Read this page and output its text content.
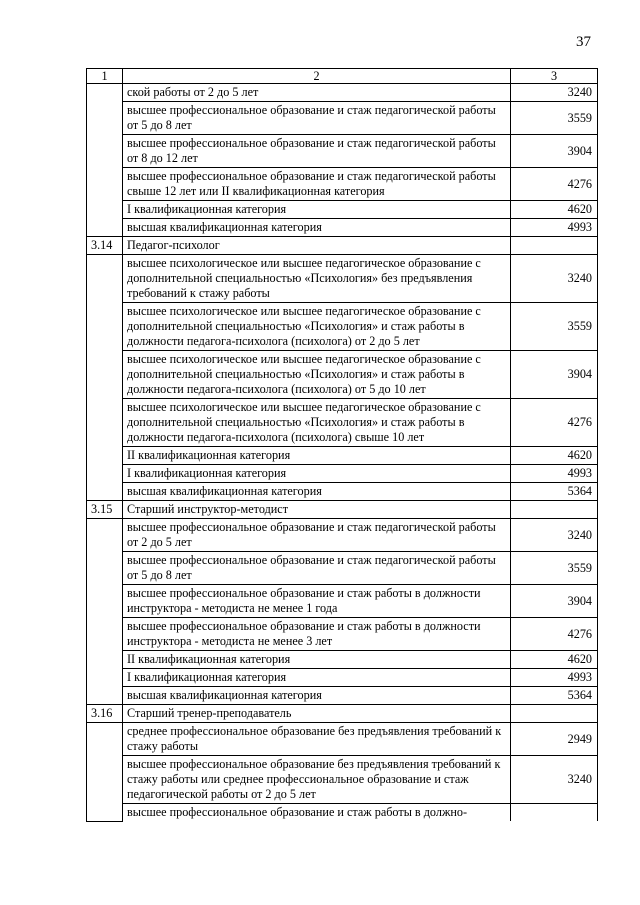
37
1	2	3
	ской работы от 2 до 5 лет	3240
	высшее профессиональное образование и стаж педагогической работы от 5 до 8 лет	3559
	высшее профессиональное образование и стаж педагогической работы от 8 до 12 лет	3904
	высшее профессиональное образование и стаж педагогической работы свыше 12 лет или II квалификационная категория	4276
	I квалификационная категория	4620
	высшая квалификационная категория	4993
3.14	Педагог-психолог	
	высшее психологическое или высшее педагогическое образование с дополнительной специальностью «Психология» без предъявления требований к стажу работы	3240
	высшее психологическое или высшее педагогическое образование с дополнительной специальностью «Психология» и стаж работы в должности педагога-психолога (психолога) от 2 до 5 лет	3559
	высшее психологическое или высшее педагогическое образование с дополнительной специальностью «Психология» и стаж работы в должности педагога-психолога (психолога) от 5 до 10 лет	3904
	высшее психологическое или высшее педагогическое образование с дополнительной специальностью «Психология» и стаж работы в должности педагога-психолога (психолога) свыше 10 лет	4276
	II квалификационная категория	4620
	I квалификационная категория	4993
	высшая квалификационная категория	5364
3.15	Старший инструктор-методист	
	высшее профессиональное образование и стаж педагогической работы от 2 до 5 лет	3240
	высшее профессиональное образование и стаж педагогической работы от 5 до 8 лет	3559
	высшее профессиональное образование и стаж работы в должности инструктора - методиста не менее 1 года	3904
	высшее профессиональное образование и стаж работы в должности инструктора - методиста не менее 3 лет	4276
	II квалификационная категория	4620
	I квалификационная категория	4993
	высшая квалификационная категория	5364
3.16	Старший тренер-преподаватель	
	среднее профессиональное образование без предъявления требований к стажу работы	2949
	высшее профессиональное образование без предъявления требований к стажу работы или среднее профессиональное образование и стаж педагогической работы от 2 до 5 лет	3240
	высшее профессиональное образование и стаж работы в должно-	
